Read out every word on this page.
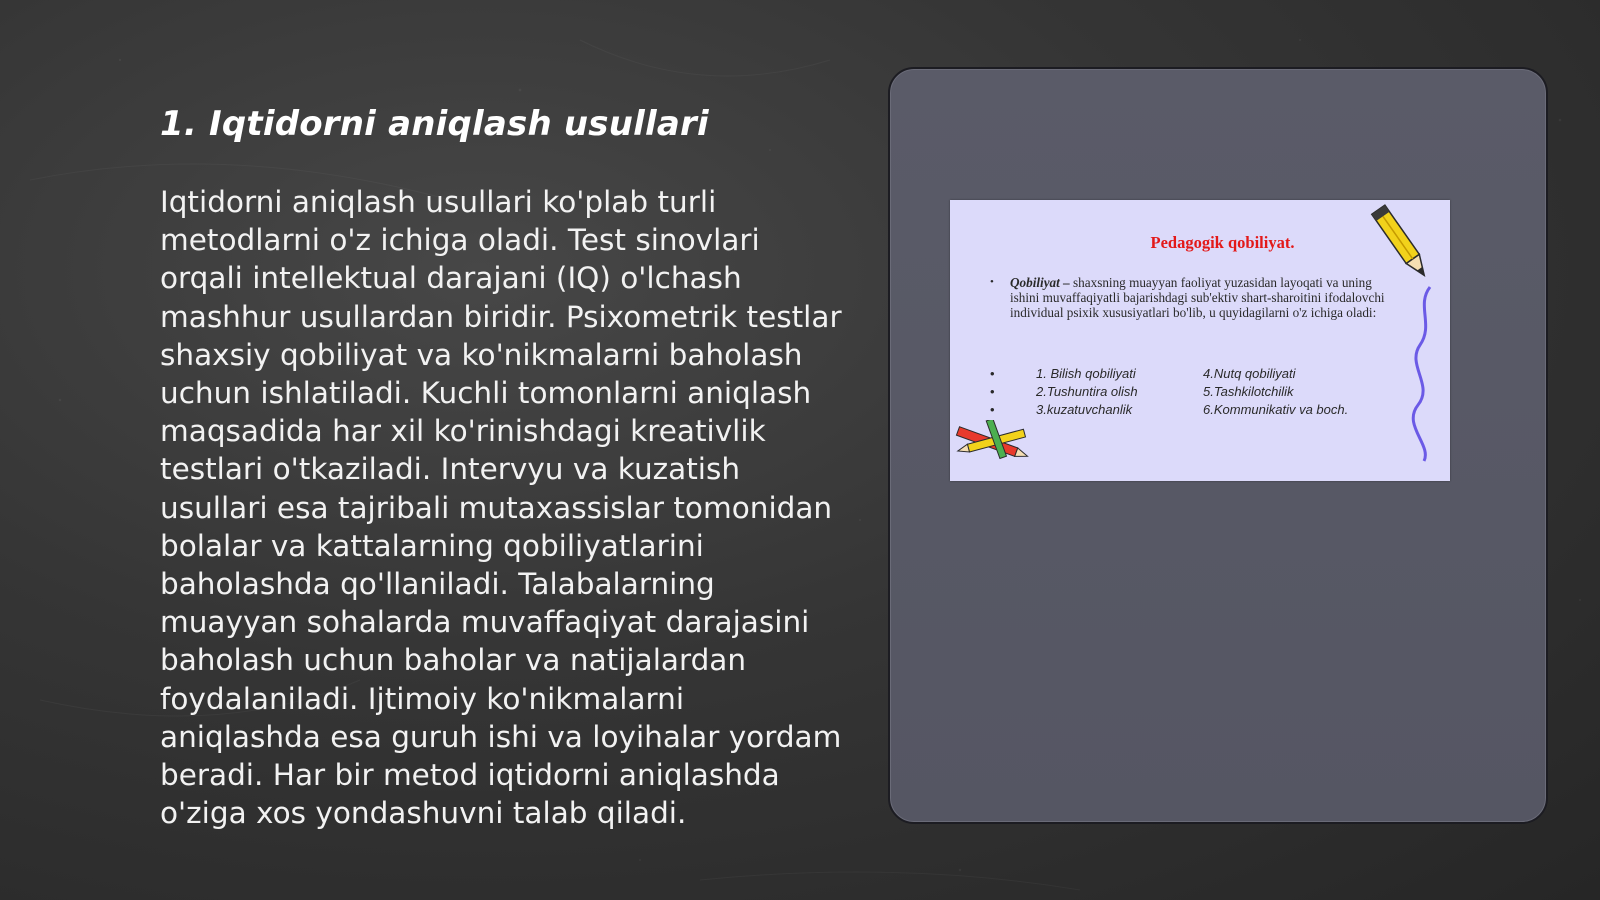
1. Iqtidorni aniqlash usullari

Iqtidorni aniqlash usullari ko'plab turli metodlarni o'z ichiga oladi. Test sinovlari orqali intellektual darajani (IQ) o'lchash mashhur usullardan biridir. Psixometrik testlar shaxsiy qobiliyat va ko'nikmalarni baholash uchun ishlatiladi. Kuchli tomonlarni aniqlash maqsadida har xil ko'rinishdagi kreativlik testlari o'tkaziladi. Intervyu va kuzatish usullari esa tajribali mutaxassislar tomonidan bolalar va kattalarning qobiliyatlarini baholashda qo'llaniladi. Talabalarning muayyan sohalarda muvaffaqiyat darajasini baholash uchun baholar va natijalardan foydalaniladi. Ijtimoiy ko'nikmalarni aniqlashda esa guruh ishi va loyihalar yordam beradi. Har bir metod iqtidorni aniqlashda o'ziga xos yondashuvni talab qiladi.

Pedagogik qobiliyat.

• Qobiliyat – shaxsning muayyan faoliyat yuzasidan layoqati va uning ishini muvaffaqiyatli bajarishdagi sub'ektiv shart-sharoitini ifodalovchi individual psixik xususiyatlari bo'lib, u quyidagilarni o'z ichiga oladi:

•	1. Bilish qobiliyati	4.Nutq qobiliyati
•	2.Tushuntira olish	5.Tashkilotchilik
•	3.kuzatuvchanlik	6.Kommunikativ va boch.
